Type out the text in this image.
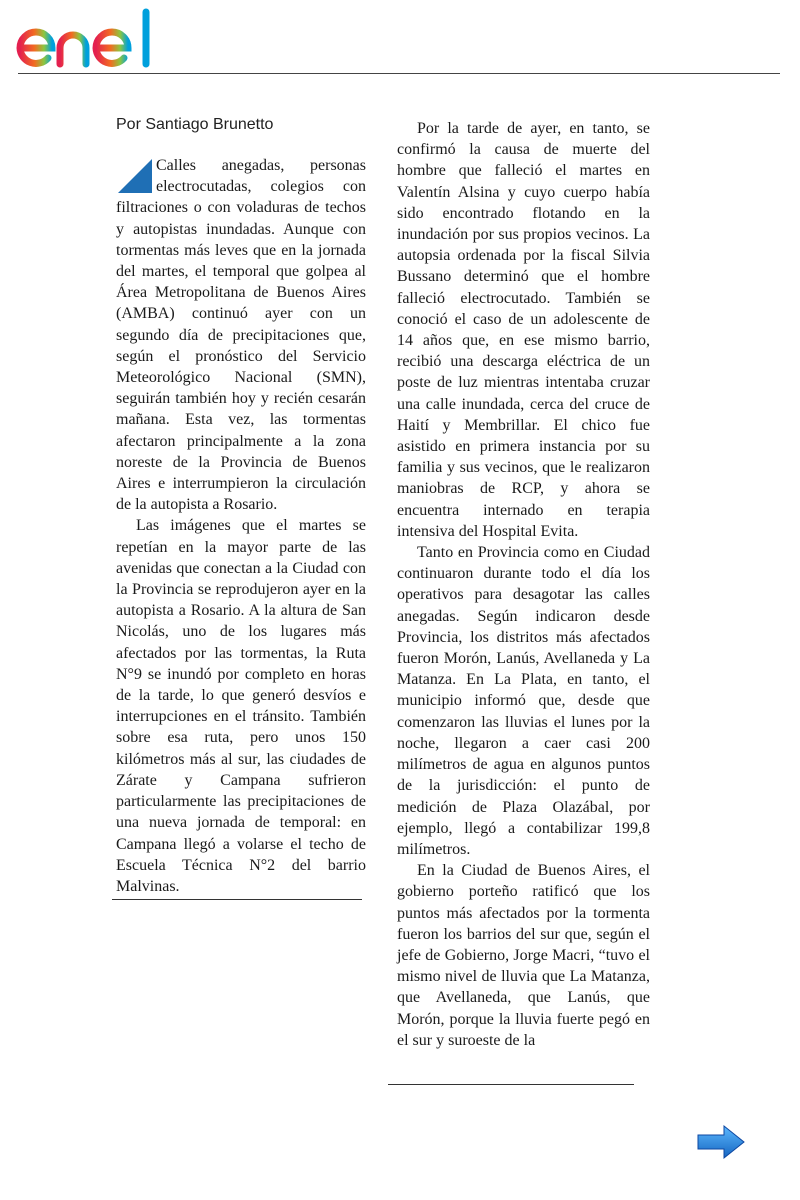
Por Santiago Brunetto

Calles anegadas, personas electrocutadas, colegios con filtraciones o con voladuras de techos y autopistas inundadas. Aunque con tormentas más leves que en la jornada del martes, el temporal que golpea al Área Metropolitana de Buenos Aires (AMBA) continuó ayer con un segundo día de precipitaciones que, según el pronóstico del Servicio Meteorológico Nacional (SMN), seguirán también hoy y recién cesarán mañana. Esta vez, las tormentas afectaron principalmente a la zona noreste de la Provincia de Buenos Aires e interrumpieron la circulación de la autopista a Rosario.

Las imágenes que el martes se repetían en la mayor parte de las avenidas que conectan a la Ciudad con la Provincia se reprodujeron ayer en la autopista a Rosario. A la altura de San Nicolás, uno de los lugares más afectados por las tormentas, la Ruta N°9 se inundó por completo en horas de la tarde, lo que generó desvíos e interrupciones en el tránsito. También sobre esa ruta, pero unos 150 kilómetros más al sur, las ciudades de Zárate y Campana sufrieron particularmente las precipitaciones de una nueva jornada de temporal: en Campana llegó a volarse el techo de Escuela Técnica N°2 del barrio Malvinas.

Por la tarde de ayer, en tanto, se confirmó la causa de muerte del hombre que falleció el martes en Valentín Alsina y cuyo cuerpo había sido encontrado flotando en la inundación por sus propios vecinos. La autopsia ordenada por la fiscal Silvia Bussano determinó que el hombre falleció electrocutado. También se conoció el caso de un adolescente de 14 años que, en ese mismo barrio, recibió una descarga eléctrica de un poste de luz mientras intentaba cruzar una calle inundada, cerca del cruce de Haití y Membrillar. El chico fue asistido en primera instancia por su familia y sus vecinos, que le realizaron maniobras de RCP, y ahora se encuentra internado en terapia intensiva del Hospital Evita.

Tanto en Provincia como en Ciudad continuaron durante todo el día los operativos para desagotar las calles anegadas. Según indicaron desde Provincia, los distritos más afectados fueron Morón, Lanús, Avellaneda y La Matanza. En La Plata, en tanto, el municipio informó que, desde que comenzaron las lluvias el lunes por la noche, llegaron a caer casi 200 milímetros de agua en algunos puntos de la jurisdicción: el punto de medición de Plaza Olazábal, por ejemplo, llegó a contabilizar 199,8 milímetros.

En la Ciudad de Buenos Aires, el gobierno porteño ratificó que los puntos más afectados por la tormenta fueron los barrios del sur que, según el jefe de Gobierno, Jorge Macri, “tuvo el mismo nivel de lluvia que La Matanza, que Avellaneda, que Lanús, que Morón, porque la lluvia fuerte pegó en el sur y suroeste de la
